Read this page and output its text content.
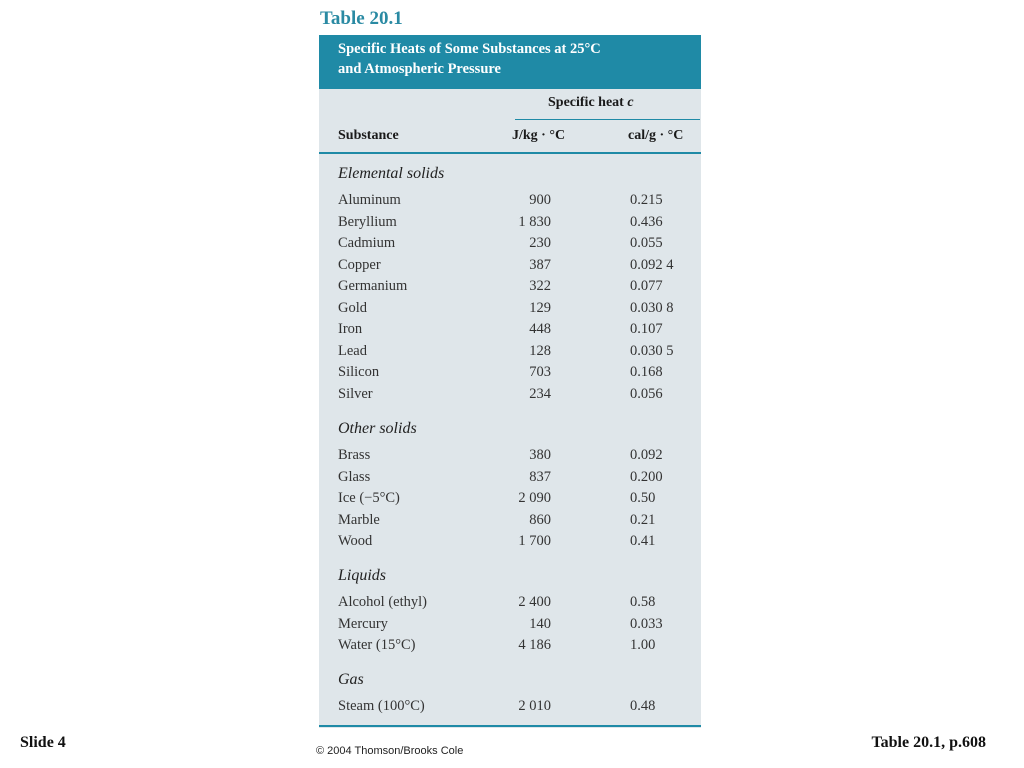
Table 20.1
Specific Heats of Some Substances at 25°C
and Atmospheric Pressure
Specific heat c
Substance	J/kg · °C	cal/g · °C
Elemental solids
Aluminum	900	0.215
Beryllium	1 830	0.436
Cadmium	230	0.055
Copper	387	0.092 4
Germanium	322	0.077
Gold	129	0.030 8
Iron	448	0.107
Lead	128	0.030 5
Silicon	703	0.168
Silver	234	0.056
Other solids
Brass	380	0.092
Glass	837	0.200
Ice (−5°C)	2 090	0.50
Marble	860	0.21
Wood	1 700	0.41
Liquids
Alcohol (ethyl)	2 400	0.58
Mercury	140	0.033
Water (15°C)	4 186	1.00
Gas
Steam (100°C)	2 010	0.48
Slide 4	© 2004 Thomson/Brooks Cole	Table 20.1, p.608
